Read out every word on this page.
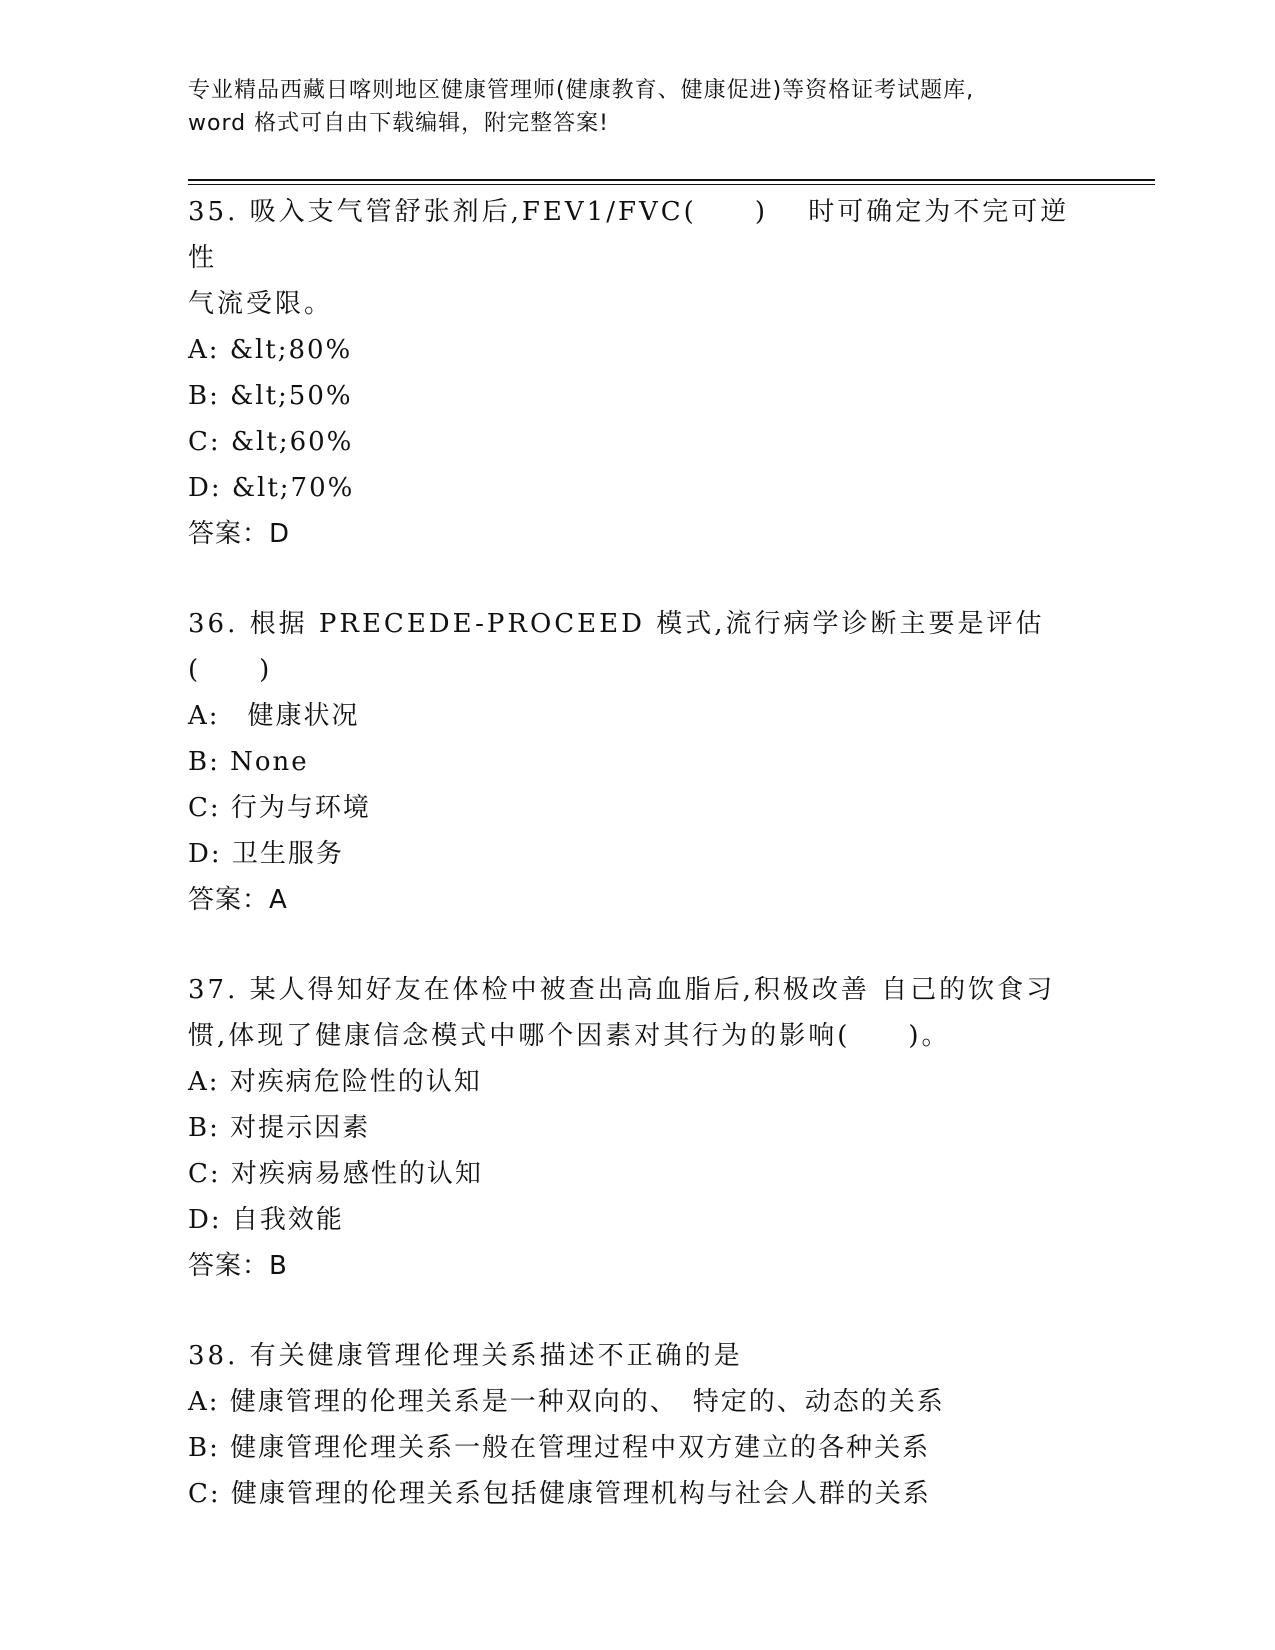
专业精品西藏日喀则地区健康管理师(健康教育、健康促进)等资格证考试题库,
word 格式可自由下载编辑，附完整答案!
35. 吸入支气管舒张剂后,FEV1/FVC(　　)　 时可确定为不完可逆性
气流受限。
A: &lt;80%
B: &lt;50%
C: &lt;60%
D: &lt;70%
答案：D
36. 根据 PRECEDE-PROCEED 模式,流行病学诊断主要是评估(　　)
A:　健康状况
B: None
C: 行为与环境
D: 卫生服务
答案：A
37. 某人得知好友在体检中被查出高血脂后,积极改善 自己的饮食习
惯,体现了健康信念模式中哪个因素对其行为的影响(　　)。
A: 对疾病危险性的认知
B: 对提示因素
C: 对疾病易感性的认知
D: 自我效能
答案：B
38. 有关健康管理伦理关系描述不正确的是
A: 健康管理的伦理关系是一种双向的、　特定的、动态的关系
B: 健康管理伦理关系一般在管理过程中双方建立的各种关系
C: 健康管理的伦理关系包括健康管理机构与社会人群的关系
